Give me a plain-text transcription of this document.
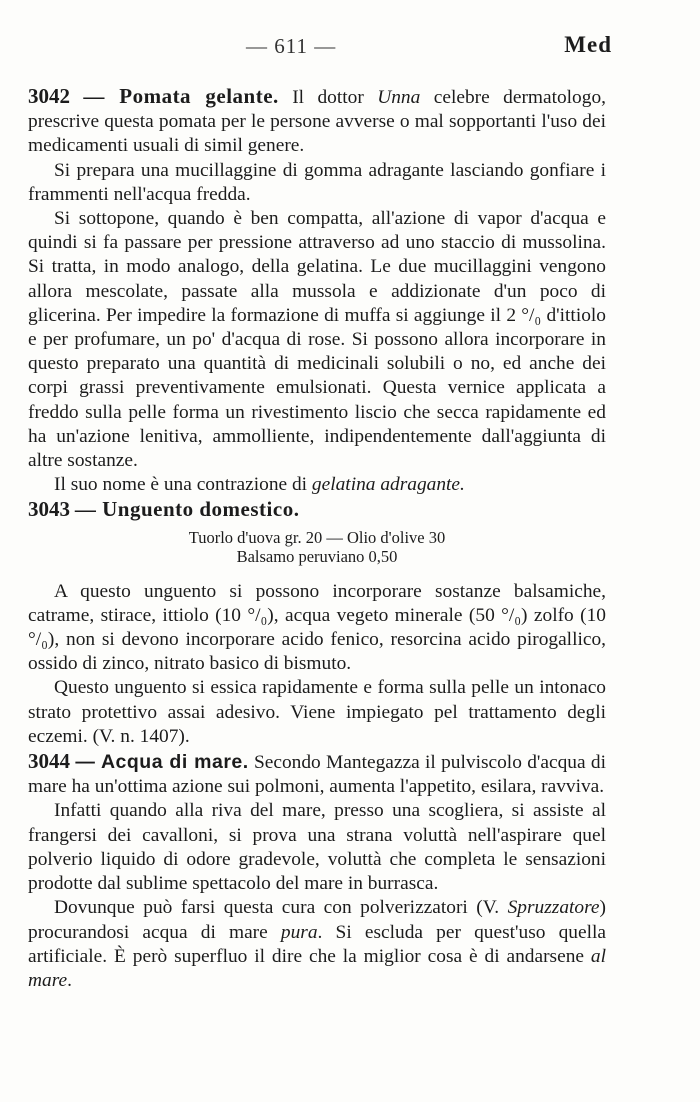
— 611 —	Med

3042 — Pomata gelante. Il dottor Unna celebre dermatologo, prescrive questa pomata per le persone avverse o mal sopportanti l'uso dei medicamenti usuali di simil genere.

Si prepara una mucillaggine di gomma adragante lasciando gonfiare i frammenti nell'acqua fredda.

Si sottopone, quando è ben compatta, all'azione di vapor d'acqua e quindi si fa passare per pressione attraverso ad uno staccio di mussolina. Si tratta, in modo analogo, della gelatina. Le due mucillaggini vengono allora mescolate, passate alla mussola e addizionate d'un poco di glicerina. Per impedire la formazione di muffa si aggiunge il 2 °/₀ d'ittiolo e per profumare, un po' d'acqua di rose. Si possono allora incorporare in questo preparato una quantità di medicinali solubili o no, ed anche dei corpi grassi preventivamente emulsionati. Questa vernice applicata a freddo sulla pelle forma un rivestimento liscio che secca rapidamente ed ha un'azione lenitiva, ammolliente, indipendentemente dall'aggiunta di altre sostanze.

Il suo nome è una contrazione di gelatina adragante.

3043 — Unguento domestico.

Tuorlo d'uova gr. 20 — Olio d'olive 30
Balsamo peruviano 0,50

A questo unguento si possono incorporare sostanze balsamiche, catrame, stirace, ittiolo (10 °/₀), acqua vegeto minerale (50 °/₀) zolfo (10 °/₀), non si devono incorporare acido fenico, resorcina acido pirogallico, ossido di zinco, nitrato basico di bismuto.

Questo unguento si essica rapidamente e forma sulla pelle un intonaco strato protettivo assai adesivo. Viene impiegato pel trattamento degli eczemi. (V. n. 1407).

3044 — Acqua di mare. Secondo Mantegazza il pulviscolo d'acqua di mare ha un'ottima azione sui polmoni, aumenta l'appetito, esilara, ravviva.

Infatti quando alla riva del mare, presso una scogliera, si assiste al frangersi dei cavalloni, si prova una strana voluttà nell'aspirare quel polverio liquido di odore gradevole, voluttà che completa le sensazioni prodotte dal sublime spettacolo del mare in burrasca.

Dovunque può farsi questa cura con polverizzatori (V. Spruzzatore) procurandosi acqua di mare pura. Si escluda per quest'uso quella artificiale. È però superfluo il dire che la miglior cosa è di andarsene al mare.
